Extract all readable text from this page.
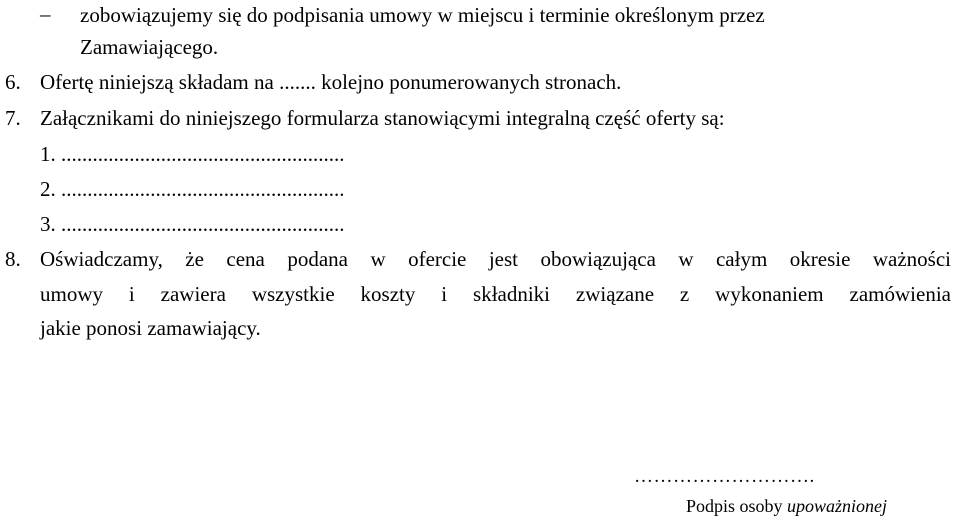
– zobowiązujemy się do podpisania umowy w miejscu i terminie określonym przez
Zamawiającego.
6. Ofertę niniejszą składam na ....... kolejno ponumerowanych stronach.
7. Załącznikami do niniejszego formularza stanowiącymi integralną część oferty są:
1. ......................................................
2. ......................................................
3. ......................................................
8. Oświadczamy, że cena podana w ofercie jest obowiązująca w całym okresie ważności
umowy i zawiera wszystkie koszty i składniki związane z wykonaniem zamówienia
jakie ponosi zamawiający.
……………………….
Podpis osoby upoważnionej
